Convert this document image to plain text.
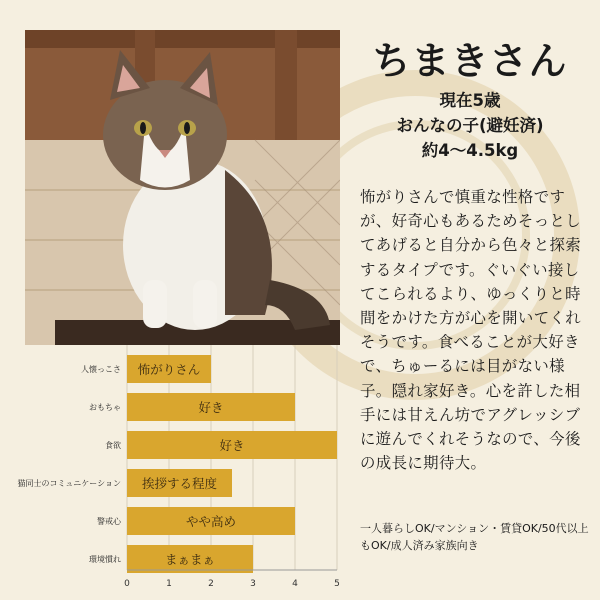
ちまきさん
現在5歳
おんなの子(避妊済)
約4〜4.5kg
怖がりさんで慎重な性格ですが、好奇心もあるためそっとしてあげると自分から色々と探索するタイプです。ぐいぐい接してこられるより、ゆっくりと時間をかけた方が心を開いてくれそうです。食べることが大好きで、ちゅーるには目がない様子。隠れ家好き。心を許した相手には甘えん坊でアグレッシブに遊んでくれそうなので、今後の成長に期待大。
一人暮らしOK/マンション・賃貸OK/50代以上もOK/成人済み家族向き
0	1	2	3	4	5
人懐っこさ 怖がりさん
おもちゃ	好き
食欲	好き
猫同士のコミュニケーション 挨拶する程度
警戒心	やや高め
環境慣れ	まぁまぁ
